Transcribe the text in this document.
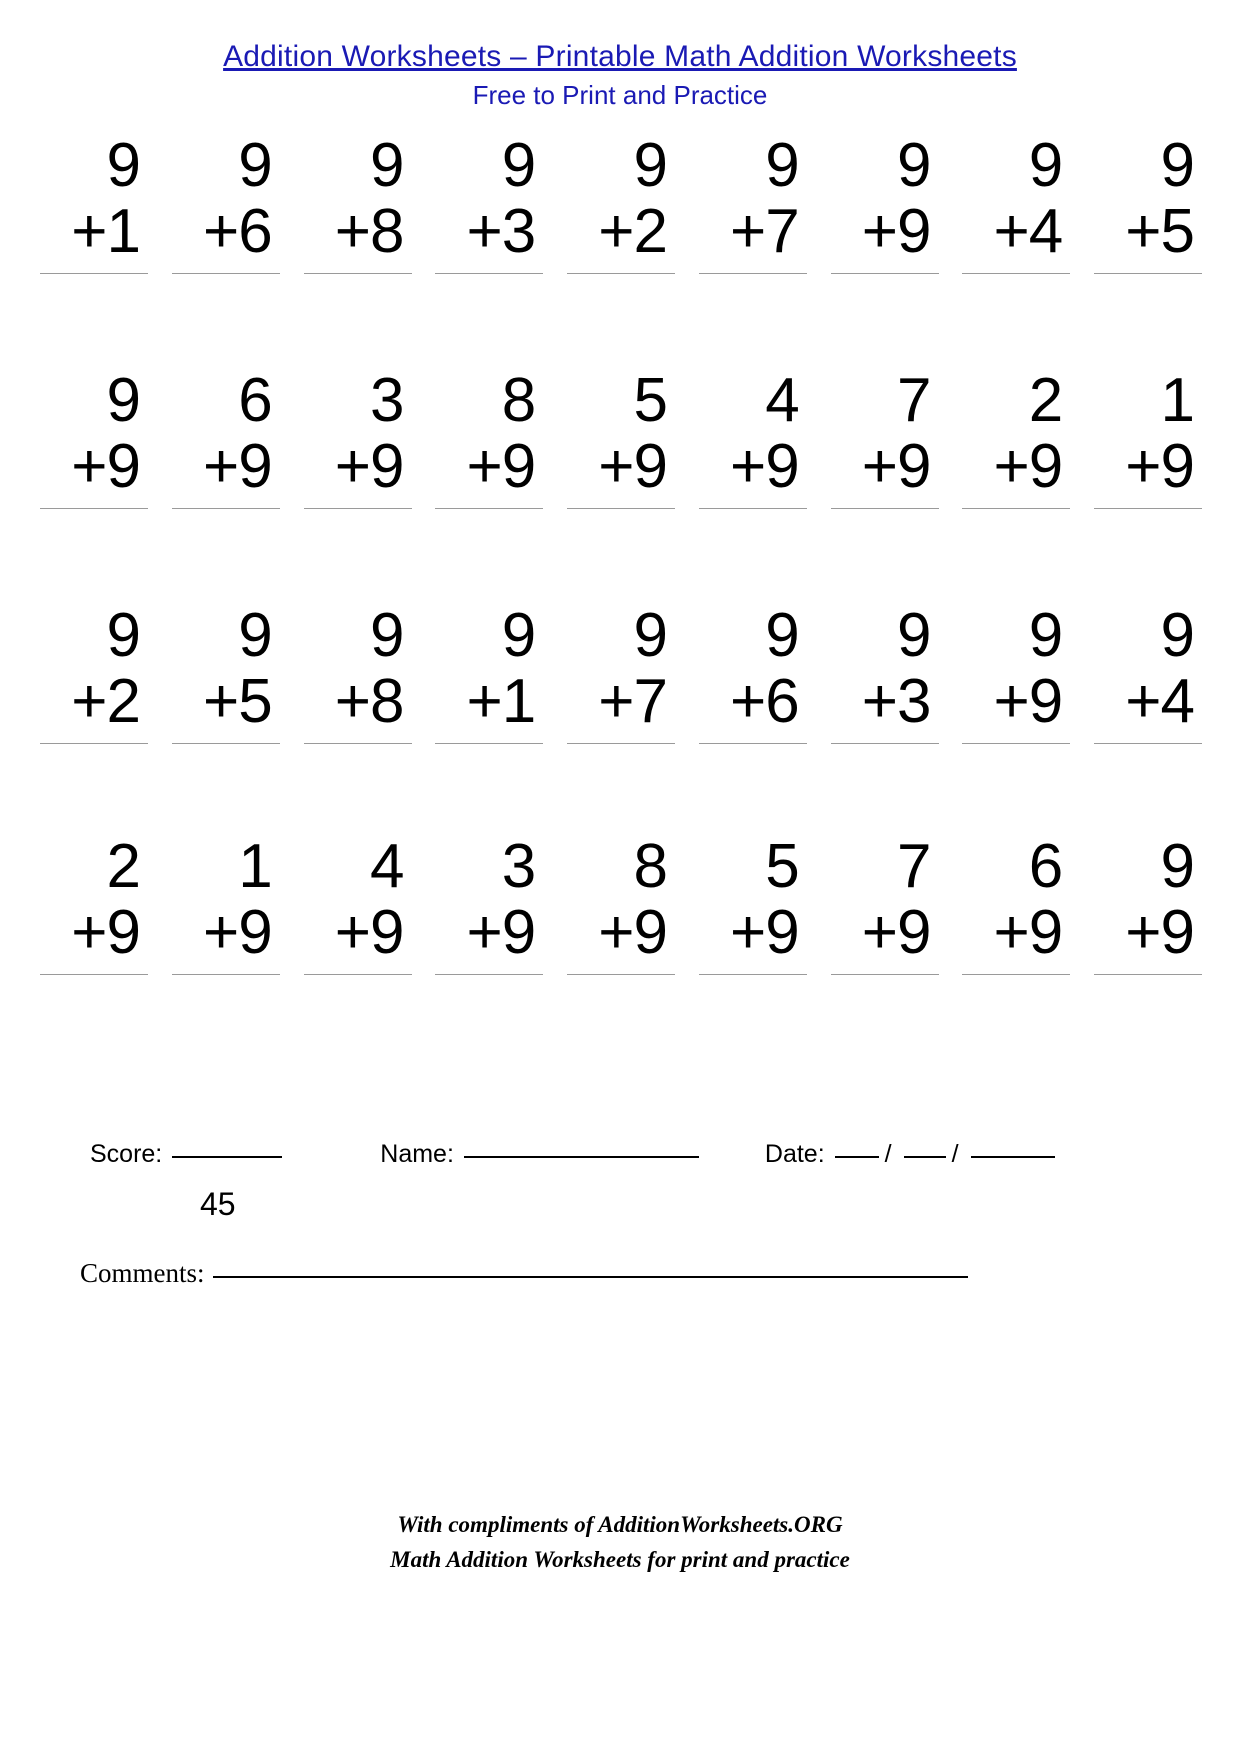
Addition Worksheets – Printable Math Addition Worksheets
Free to Print and Practice
9
+1
9
+6
9
+8
9
+3
9
+2
9
+7
9
+9
9
+4
9
+5
9
+9
6
+9
3
+9
8
+9
5
+9
4
+9
7
+9
2
+9
1
+9
9
+2
9
+5
9
+8
9
+1
9
+7
9
+6
9
+3
9
+9
9
+4
2
+9
1
+9
4
+9
3
+9
8
+9
5
+9
7
+9
6
+9
9
+9
Score:	Name:	Date: / /
45
Comments:
With compliments of AdditionWorksheets.ORG
Math Addition Worksheets for print and practice
